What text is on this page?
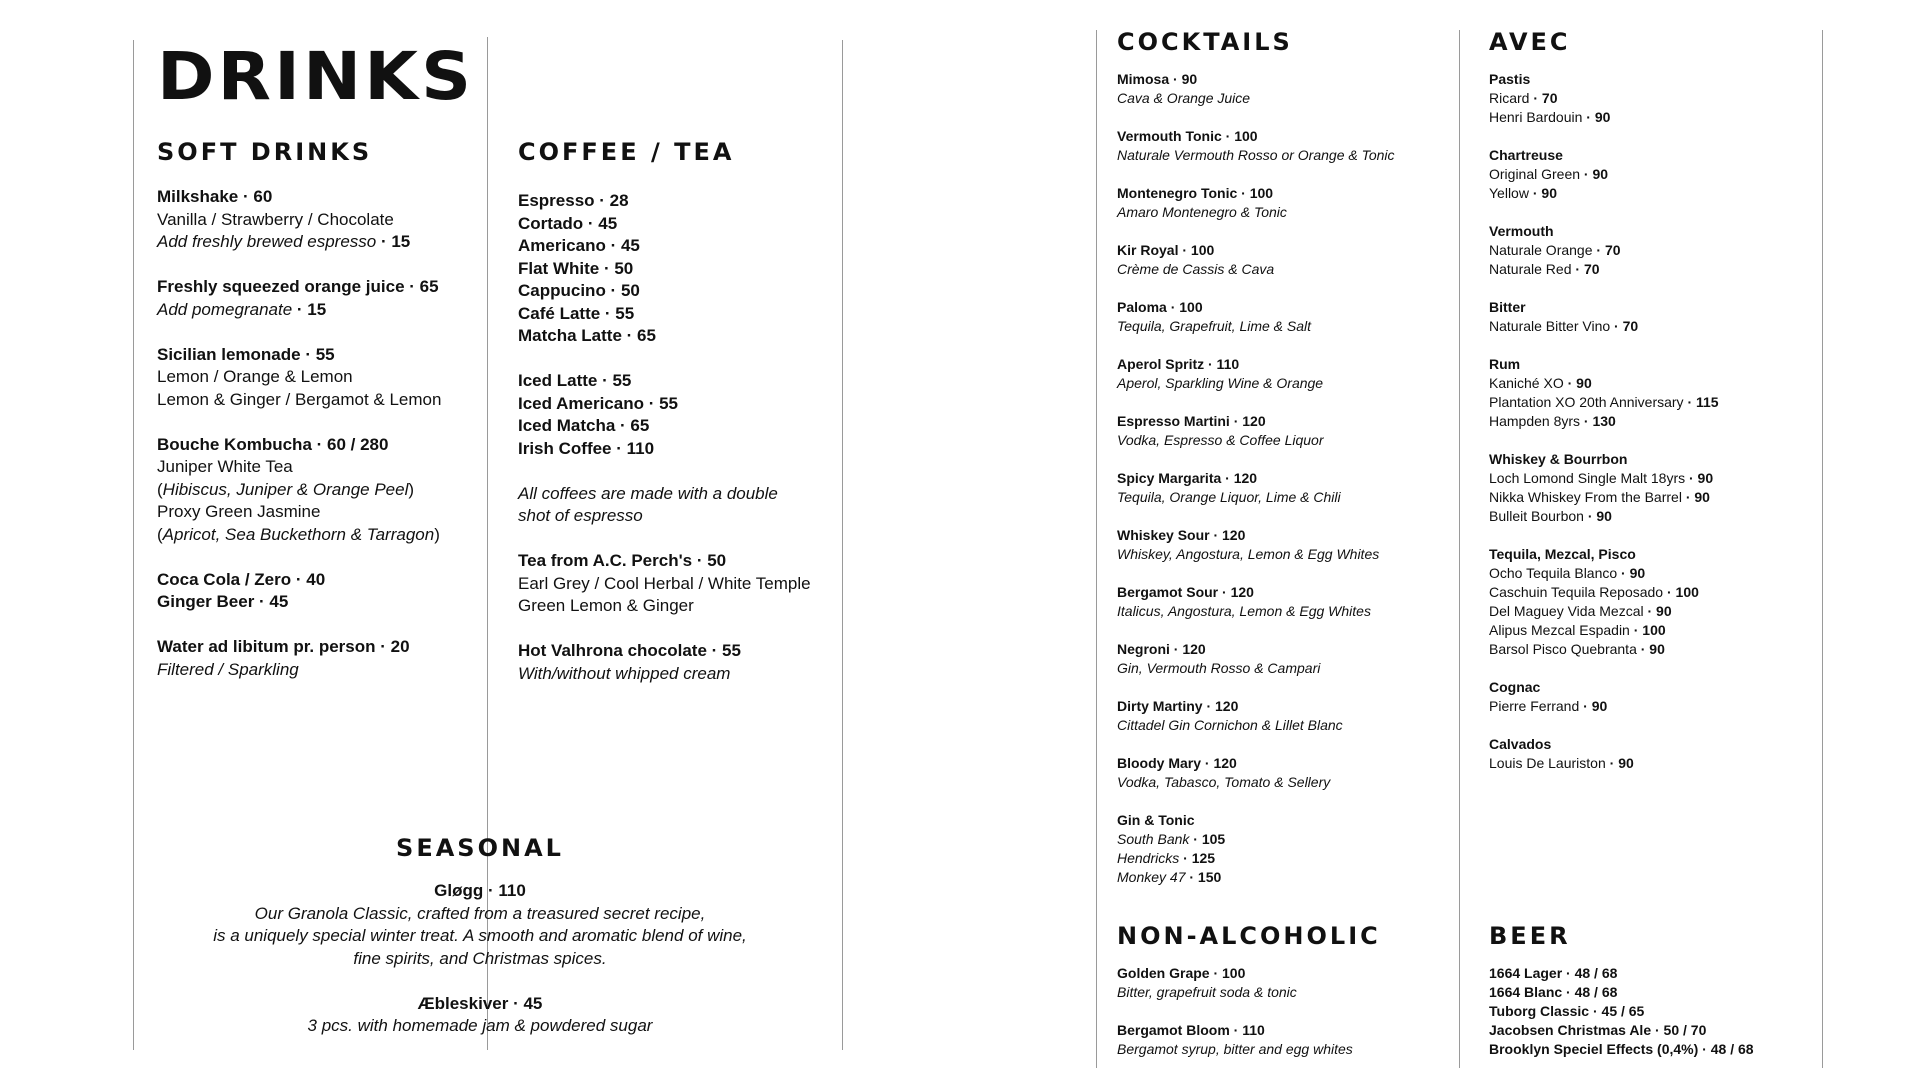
DRINKS
SOFT DRINKS
Milkshake · 60
Vanilla / Strawberry / Chocolate
Add freshly brewed espresso · 15
Freshly squeezed orange juice · 65
Add pomegranate · 15
Sicilian lemonade · 55
Lemon / Orange & Lemon
Lemon & Ginger / Bergamot & Lemon
Bouche Kombucha · 60 / 280
Juniper White Tea
(Hibiscus, Juniper & Orange Peel)
Proxy Green Jasmine
(Apricot, Sea Buckethorn & Tarragon)
Coca Cola / Zero · 40
Ginger Beer · 45
Water ad libitum pr. person · 20
Filtered / Sparkling
COFFEE / TEA
Espresso · 28
Cortado · 45
Americano · 45
Flat White · 50
Cappucino · 50
Café Latte · 55
Matcha Latte · 65
Iced Latte · 55
Iced Americano · 55
Iced Matcha · 65
Irish Coffee · 110
All coffees are made with a double
shot of espresso
Tea from A.C. Perch's · 50
Earl Grey / Cool Herbal / White Temple
Green Lemon & Ginger
Hot Valhrona chocolate · 55
With/without whipped cream
SEASONAL
Gløgg · 110
Our Granola Classic, crafted from a treasured secret recipe,
is a uniquely special winter treat. A smooth and aromatic blend of wine,
fine spirits, and Christmas spices.
Æbleskiver · 45
3 pcs. with homemade jam & powdered sugar
COCKTAILS
Mimosa · 90
Cava & Orange Juice
Vermouth Tonic · 100
Naturale Vermouth Rosso or Orange & Tonic
Montenegro Tonic · 100
Amaro Montenegro & Tonic
Kir Royal · 100
Crème de Cassis & Cava
Paloma · 100
Tequila, Grapefruit, Lime & Salt
Aperol Spritz · 110
Aperol, Sparkling Wine & Orange
Espresso Martini · 120
Vodka, Espresso & Coffee Liquor
Spicy Margarita · 120
Tequila, Orange Liquor, Lime & Chili
Whiskey Sour · 120
Whiskey, Angostura, Lemon & Egg Whites
Bergamot Sour · 120
Italicus, Angostura, Lemon & Egg Whites
Negroni · 120
Gin, Vermouth Rosso & Campari
Dirty Martiny · 120
Cittadel Gin Cornichon & Lillet Blanc
Bloody Mary · 120
Vodka, Tabasco, Tomato & Sellery
Gin & Tonic
South Bank · 105
Hendricks · 125
Monkey 47 · 150
NON-ALCOHOLIC
Golden Grape · 100
Bitter, grapefruit soda & tonic
Bergamot Bloom · 110
Bergamot syrup, bitter and egg whites
AVEC
Pastis
Ricard · 70
Henri Bardouin · 90
Chartreuse
Original Green · 90
Yellow · 90
Vermouth
Naturale Orange · 70
Naturale Red · 70
Bitter
Naturale Bitter Vino · 70
Rum
Kaniché XO · 90
Plantation XO 20th Anniversary · 115
Hampden 8yrs · 130
Whiskey & Bourrbon
Loch Lomond Single Malt 18yrs · 90
Nikka Whiskey From the Barrel · 90
Bulleit Bourbon · 90
Tequila, Mezcal, Pisco
Ocho Tequila Blanco · 90
Caschuin Tequila Reposado · 100
Del Maguey Vida Mezcal · 90
Alipus Mezcal Espadin · 100
Barsol Pisco Quebranta · 90
Cognac
Pierre Ferrand · 90
Calvados
Louis De Lauriston · 90
BEER
1664 Lager · 48 / 68
1664 Blanc · 48 / 68
Tuborg Classic · 45 / 65
Jacobsen Christmas Ale · 50 / 70
Brooklyn Speciel Effects (0,4%) · 48 / 68
